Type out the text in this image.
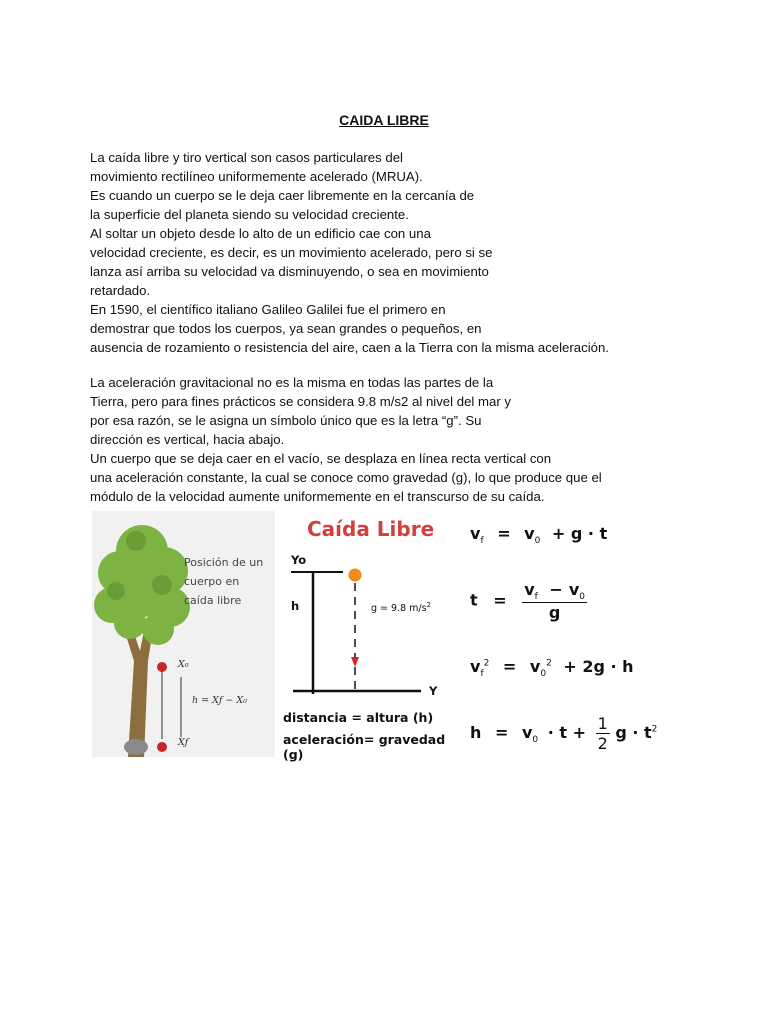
CAIDA LIBRE
La caída libre y tiro vertical son casos particulares del
movimiento rectilíneo uniformemente acelerado (MRUA).
Es cuando un cuerpo se le deja caer libremente en la cercanía de
la superficie del planeta siendo su velocidad creciente.
Al soltar un objeto desde lo alto de un edificio cae con una
velocidad creciente, es decir, es un movimiento acelerado, pero si se
lanza así arriba su velocidad va disminuyendo, o sea en movimiento
retardado.
En 1590, el científico italiano Galileo Galilei fue el primero en
demostrar que todos los cuerpos, ya sean grandes o pequeños, en
ausencia de rozamiento o resistencia del aire, caen a la Tierra con la misma aceleración.
La aceleración gravitacional no es la misma en todas las partes de la
Tierra, pero para fines prácticos se considera 9.8 m/s2 al nivel del mar y
por esa razón, se le asigna un símbolo único que es la letra “g”. Su
dirección es vertical, hacia abajo.
Un cuerpo que se deja caer en el vacío, se desplaza en línea recta vertical con
una aceleración constante, la cual se conoce como gravedad (g), lo que produce que el
módulo de la velocidad aumente uniformemente en el transcurso de su caída.
Posición de un cuerpo en caída libre
X₀
h = Xƒ − X₀
Xƒ
Caída Libre
Yo
h
Y
g = 9.8 $m/s^2$
distancia = altura (h)
aceleración= gravedad (g)
$v_f = v_0 + g \cdot t$
$t = \frac{v_f - v_0}{g}$
$v_f^2 = v_0^2 + 2g \cdot h$
$h = v_0 \cdot t + \frac{1}{2}$ $g \cdot t^2$
